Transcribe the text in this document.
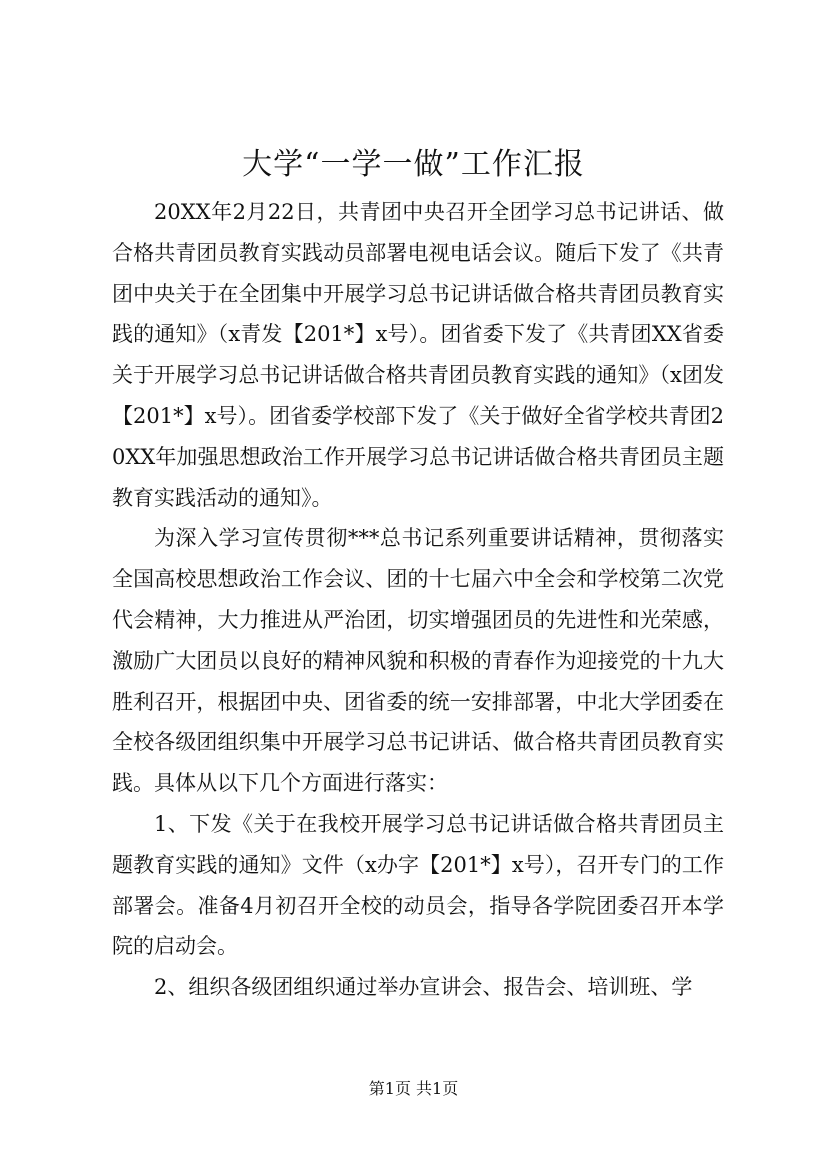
大学“一学一做”工作汇报

20XX年2月22日，共青团中央召开全团学习总书记讲话、做合格共青团员教育实践动员部署电视电话会议。随后下发了《共青团中央关于在全团集中开展学习总书记讲话做合格共青团员教育实践的通知》（x青发【201*】x号）。团省委下发了《共青团XX省委关于开展学习总书记讲话做合格共青团员教育实践的通知》（x团发【201*】x号）。团省委学校部下发了《关于做好全省学校共青团20XX年加强思想政治工作开展学习总书记讲话做合格共青团员主题教育实践活动的通知》。

为深入学习宣传贯彻***总书记系列重要讲话精神，贯彻落实全国高校思想政治工作会议、团的十七届六中全会和学校第二次党代会精神，大力推进从严治团，切实增强团员的先进性和光荣感，激励广大团员以良好的精神风貌和积极的青春作为迎接党的十九大胜利召开，根据团中央、团省委的统一安排部署，中北大学团委在全校各级团组织集中开展学习总书记讲话、做合格共青团员教育实践。具体从以下几个方面进行落实：

1、下发《关于在我校开展学习总书记讲话做合格共青团员主题教育实践的通知》文件（x办字【201*】x号），召开专门的工作部署会。准备4月初召开全校的动员会，指导各学院团委召开本学院的启动会。

2、组织各级团组织通过举办宣讲会、报告会、培训班、学

第1页 共1页
